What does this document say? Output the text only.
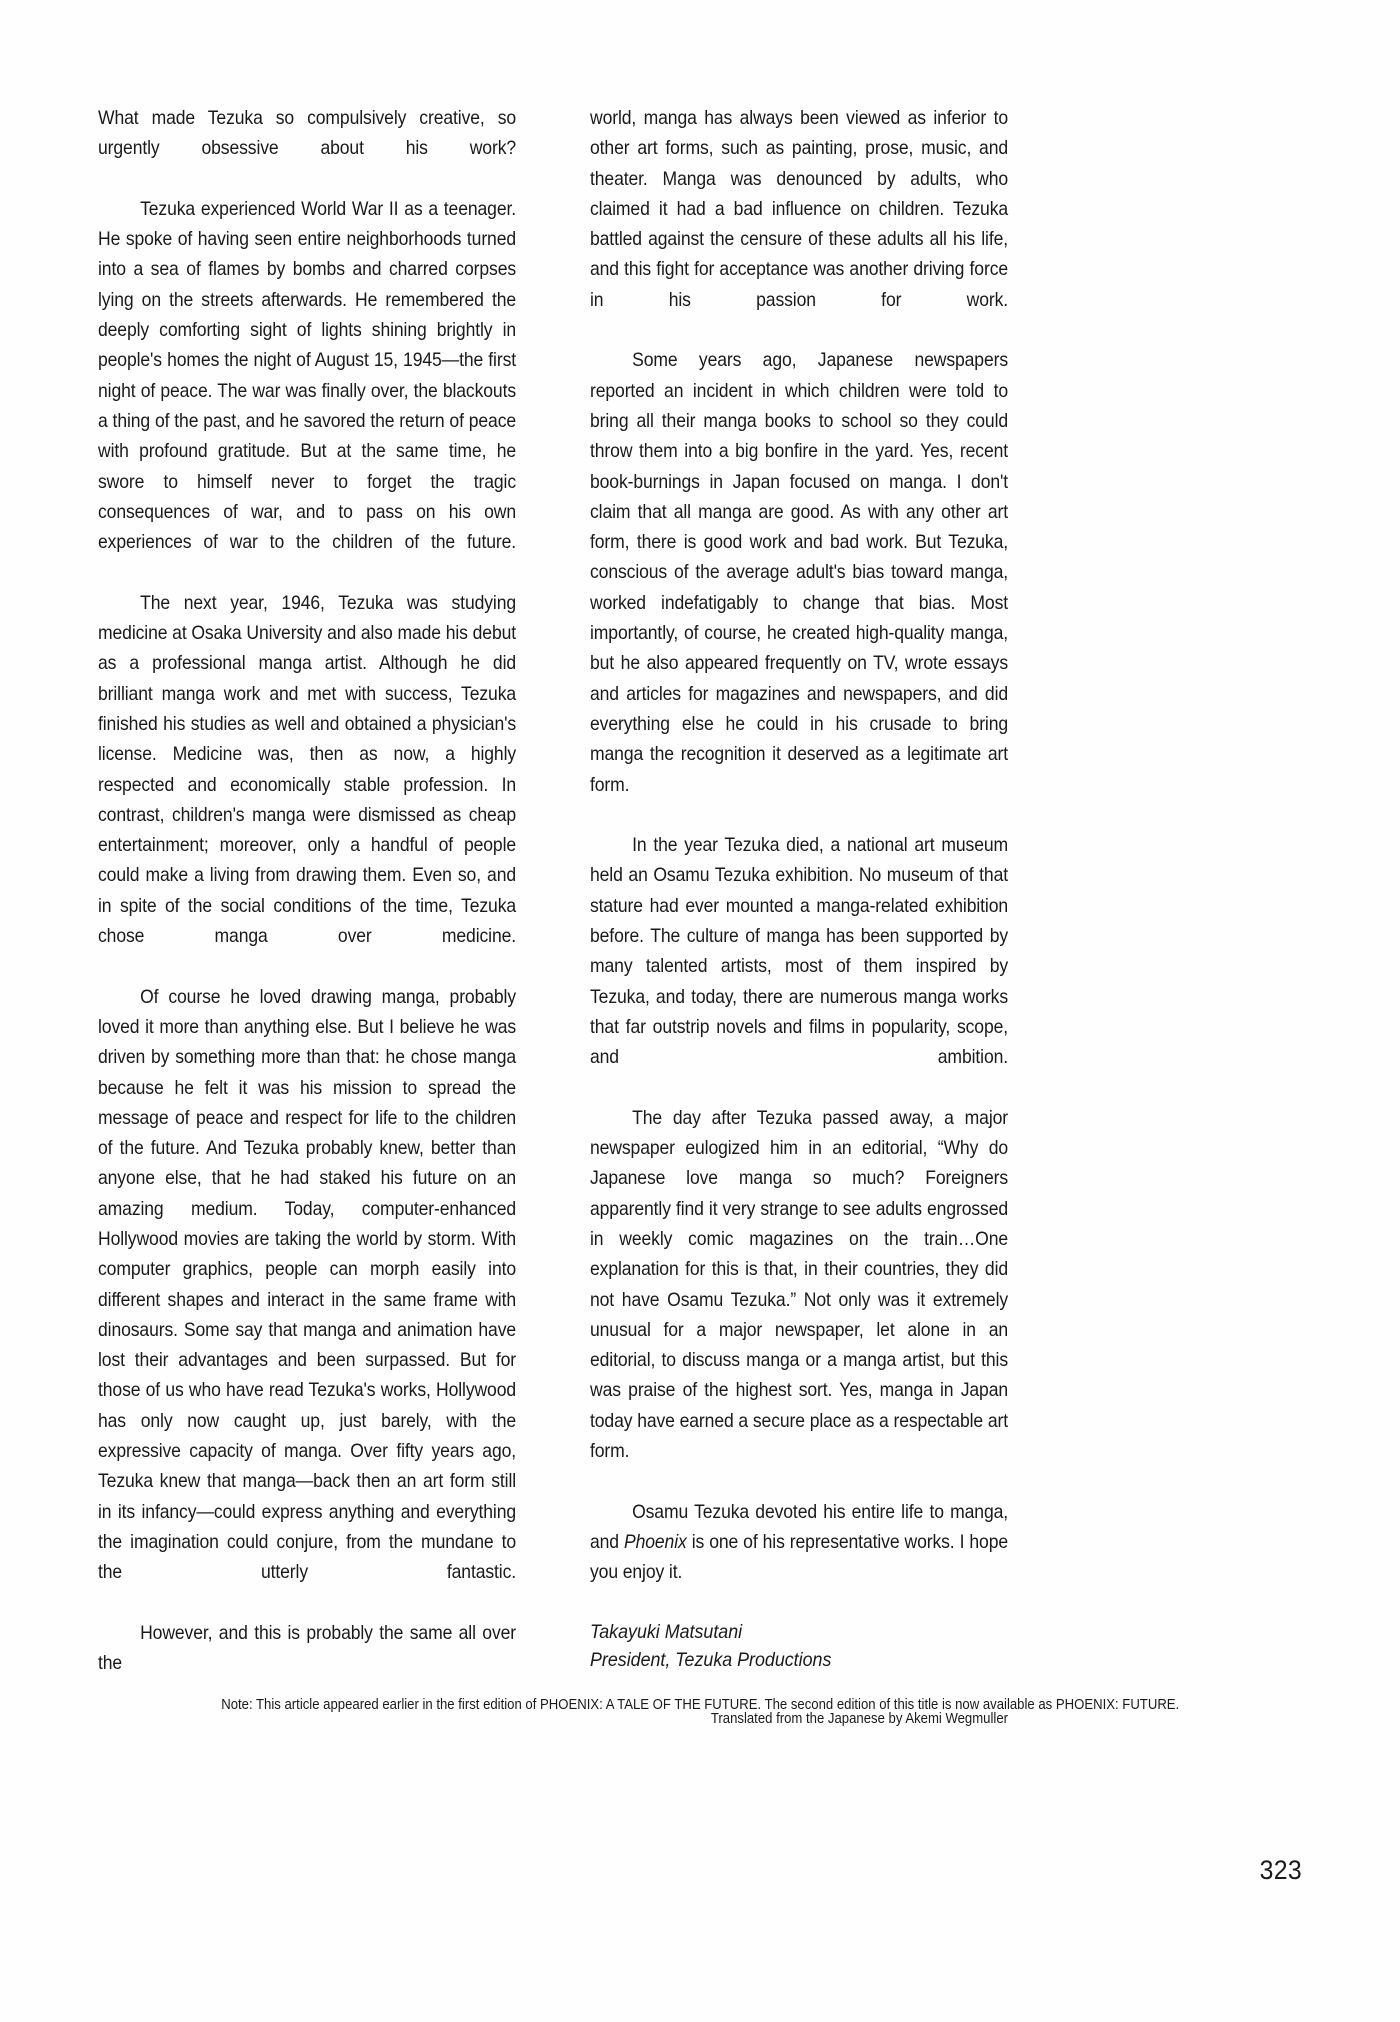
What made Tezuka so compulsively creative, so urgently obsessive about his work?

Tezuka experienced World War II as a teenager. He spoke of having seen entire neighborhoods turned into a sea of flames by bombs and charred corpses lying on the streets afterwards. He remembered the deeply comforting sight of lights shining brightly in people's homes the night of August 15, 1945—the first night of peace. The war was finally over, the blackouts a thing of the past, and he savored the return of peace with profound gratitude. But at the same time, he swore to himself never to forget the tragic consequences of war, and to pass on his own experiences of war to the children of the future.

The next year, 1946, Tezuka was studying medicine at Osaka University and also made his debut as a professional manga artist. Although he did brilliant manga work and met with success, Tezuka finished his studies as well and obtained a physician's license. Medicine was, then as now, a highly respected and economically stable profession. In contrast, children's manga were dismissed as cheap entertainment; moreover, only a handful of people could make a living from drawing them. Even so, and in spite of the social conditions of the time, Tezuka chose manga over medicine.

Of course he loved drawing manga, probably loved it more than anything else. But I believe he was driven by something more than that: he chose manga because he felt it was his mission to spread the message of peace and respect for life to the children of the future. And Tezuka probably knew, better than anyone else, that he had staked his future on an amazing medium. Today, computer-enhanced Hollywood movies are taking the world by storm. With computer graphics, people can morph easily into different shapes and interact in the same frame with dinosaurs. Some say that manga and animation have lost their advantages and been surpassed. But for those of us who have read Tezuka's works, Hollywood has only now caught up, just barely, with the expressive capacity of manga. Over fifty years ago, Tezuka knew that manga—back then an art form still in its infancy—could express anything and everything the imagination could conjure, from the mundane to the utterly fantastic.

However, and this is probably the same all over the

world, manga has always been viewed as inferior to other art forms, such as painting, prose, music, and theater. Manga was denounced by adults, who claimed it had a bad influence on children. Tezuka battled against the censure of these adults all his life, and this fight for acceptance was another driving force in his passion for work.

Some years ago, Japanese newspapers reported an incident in which children were told to bring all their manga books to school so they could throw them into a big bonfire in the yard. Yes, recent book-burnings in Japan focused on manga. I don't claim that all manga are good. As with any other art form, there is good work and bad work. But Tezuka, conscious of the average adult's bias toward manga, worked indefatigably to change that bias. Most importantly, of course, he created high-quality manga, but he also appeared frequently on TV, wrote essays and articles for magazines and newspapers, and did everything else he could in his crusade to bring manga the recognition it deserved as a legitimate art form.

In the year Tezuka died, a national art museum held an Osamu Tezuka exhibition. No museum of that stature had ever mounted a manga-related exhibition before. The culture of manga has been supported by many talented artists, most of them inspired by Tezuka, and today, there are numerous manga works that far outstrip novels and films in popularity, scope, and ambition.

The day after Tezuka passed away, a major newspaper eulogized him in an editorial, “Why do Japanese love manga so much? Foreigners apparently find it very strange to see adults engrossed in weekly comic magazines on the train…One explanation for this is that, in their countries, they did not have Osamu Tezuka.” Not only was it extremely unusual for a major newspaper, let alone in an editorial, to discuss manga or a manga artist, but this was praise of the highest sort. Yes, manga in Japan today have earned a secure place as a respectable art form.

Osamu Tezuka devoted his entire life to manga, and Phoenix is one of his representative works. I hope you enjoy it.

Takayuki Matsutani
President, Tezuka Productions
Translated from the Japanese by Akemi Wegmuller
Note: This article appeared earlier in the first edition of PHOENIX: A TALE OF THE FUTURE. The second edition of this title is now available as PHOENIX: FUTURE.
323
